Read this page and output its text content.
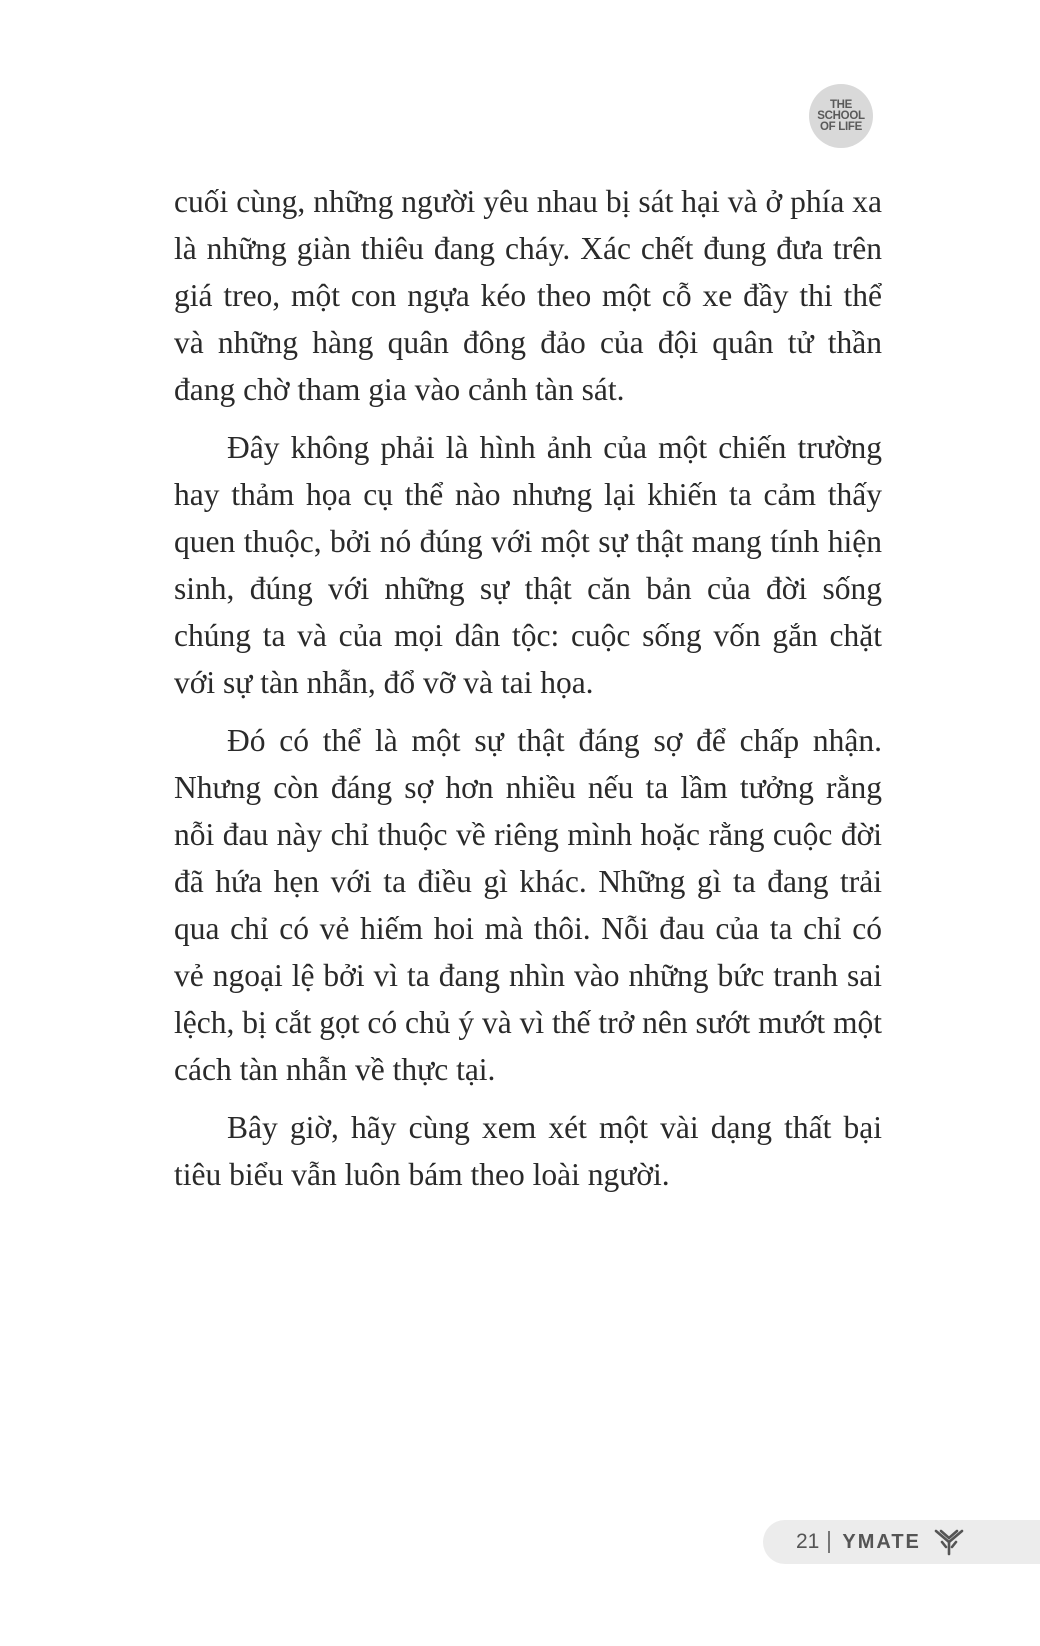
THE
SCHOOL
OF LIFE

cuối cùng, những người yêu nhau bị sát hại và ở phía xa là những giàn thiêu đang cháy. Xác chết đung đưa trên giá treo, một con ngựa kéo theo một cỗ xe đầy thi thể và những hàng quân đông đảo của đội quân tử thần đang chờ tham gia vào cảnh tàn sát.

Đây không phải là hình ảnh của một chiến trường hay thảm họa cụ thể nào nhưng lại khiến ta cảm thấy quen thuộc, bởi nó đúng với một sự thật mang tính hiện sinh, đúng với những sự thật căn bản của đời sống chúng ta và của mọi dân tộc: cuộc sống vốn gắn chặt với sự tàn nhẫn, đổ vỡ và tai họa.

Đó có thể là một sự thật đáng sợ để chấp nhận. Nhưng còn đáng sợ hơn nhiều nếu ta lầm tưởng rằng nỗi đau này chỉ thuộc về riêng mình hoặc rằng cuộc đời đã hứa hẹn với ta điều gì khác. Những gì ta đang trải qua chỉ có vẻ hiếm hoi mà thôi. Nỗi đau của ta chỉ có vẻ ngoại lệ bởi vì ta đang nhìn vào những bức tranh sai lệch, bị cắt gọt có chủ ý và vì thế trở nên sướt mướt một cách tàn nhẫn về thực tại.

Bây giờ, hãy cùng xem xét một vài dạng thất bại tiêu biểu vẫn luôn bám theo loài người.

21 YMATE
